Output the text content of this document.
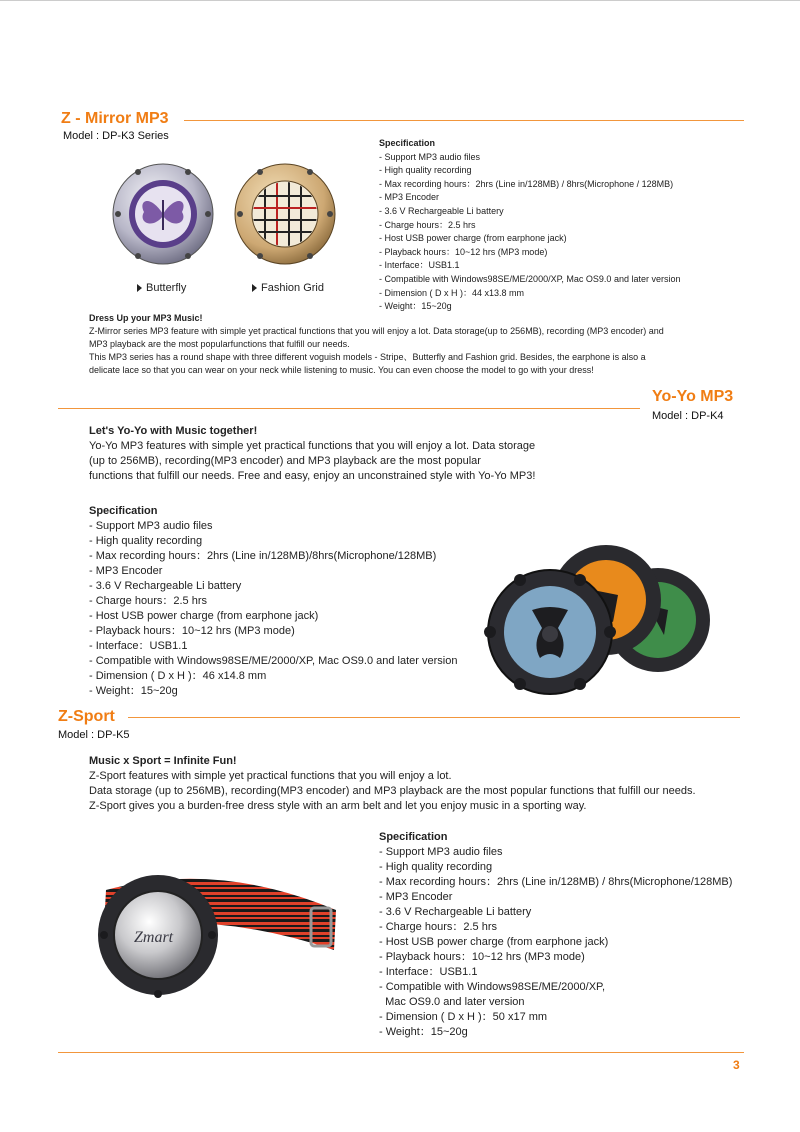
Z - Mirror MP3
Model : DP-K3 Series
Butterfly	Fashion Grid
Specification
- Support MP3 audio files
- High quality recording
- Max recording hours：2hrs (Line in/128MB) / 8hrs(Microphone / 128MB)
- MP3 Encoder
- 3.6 V Rechargeable Li battery
- Charge hours：2.5 hrs
- Host USB power charge (from earphone jack)
- Playback hours：10~12 hrs (MP3 mode)
- Interface：USB1.1
- Compatible with Windows98SE/ME/2000/XP, Mac OS9.0 and later version
- Dimension ( D x H )：44 x13.8 mm
- Weight：15~20g
Dress Up your MP3 Music!
Z-Mirror series MP3 feature with simple yet practical functions that you will enjoy a lot. Data storage(up to 256MB), recording (MP3 encoder) and
MP3 playback are the most popularfunctions that fulfill our needs.
This MP3 series has a round shape with three different voguish models - Stripe、Butterfly and Fashion grid. Besides, the earphone is also a
delicate lace so that you can wear on your neck while listening to music. You can even choose the model to go with your dress!
Yo-Yo MP3
Model : DP-K4
Let's Yo-Yo with Music together!
Yo-Yo MP3 features with simple yet practical functions that you will enjoy a lot. Data storage
(up to 256MB), recording(MP3 encoder) and MP3 playback are the most popular
functions that fulfill our needs. Free and easy, enjoy an unconstrained style with Yo-Yo MP3!
Specification
- Support MP3 audio files
- High quality recording
- Max recording hours：2hrs (Line in/128MB)/8hrs(Microphone/128MB)
- MP3 Encoder
- 3.6 V Rechargeable Li battery
- Charge hours：2.5 hrs
- Host USB power charge (from earphone jack)
- Playback hours：10~12 hrs (MP3 mode)
- Interface：USB1.1
- Compatible with Windows98SE/ME/2000/XP, Mac OS9.0 and later version
- Dimension ( D x H )：46 x14.8 mm
- Weight：15~20g
Z-Sport
Model : DP-K5
Music x Sport = Infinite Fun!
Z-Sport features with simple yet practical functions that you will enjoy a lot.
Data storage (up to 256MB), recording(MP3 encoder) and MP3 playback are the most popular functions that fulfill our needs.
Z-Sport gives you a burden-free dress style with an arm belt and let you enjoy music in a sporting way.
Zmart
Specification
- Support MP3 audio files
- High quality recording
- Max recording hours：2hrs (Line in/128MB) / 8hrs(Microphone/128MB)
- MP3 Encoder
- 3.6 V Rechargeable Li battery
- Charge hours：2.5 hrs
- Host USB power charge (from earphone jack)
- Playback hours：10~12 hrs (MP3 mode)
- Interface：USB1.1
- Compatible with Windows98SE/ME/2000/XP,
Mac OS9.0 and later version
- Dimension ( D x H )：50 x17 mm
- Weight：15~20g
3
